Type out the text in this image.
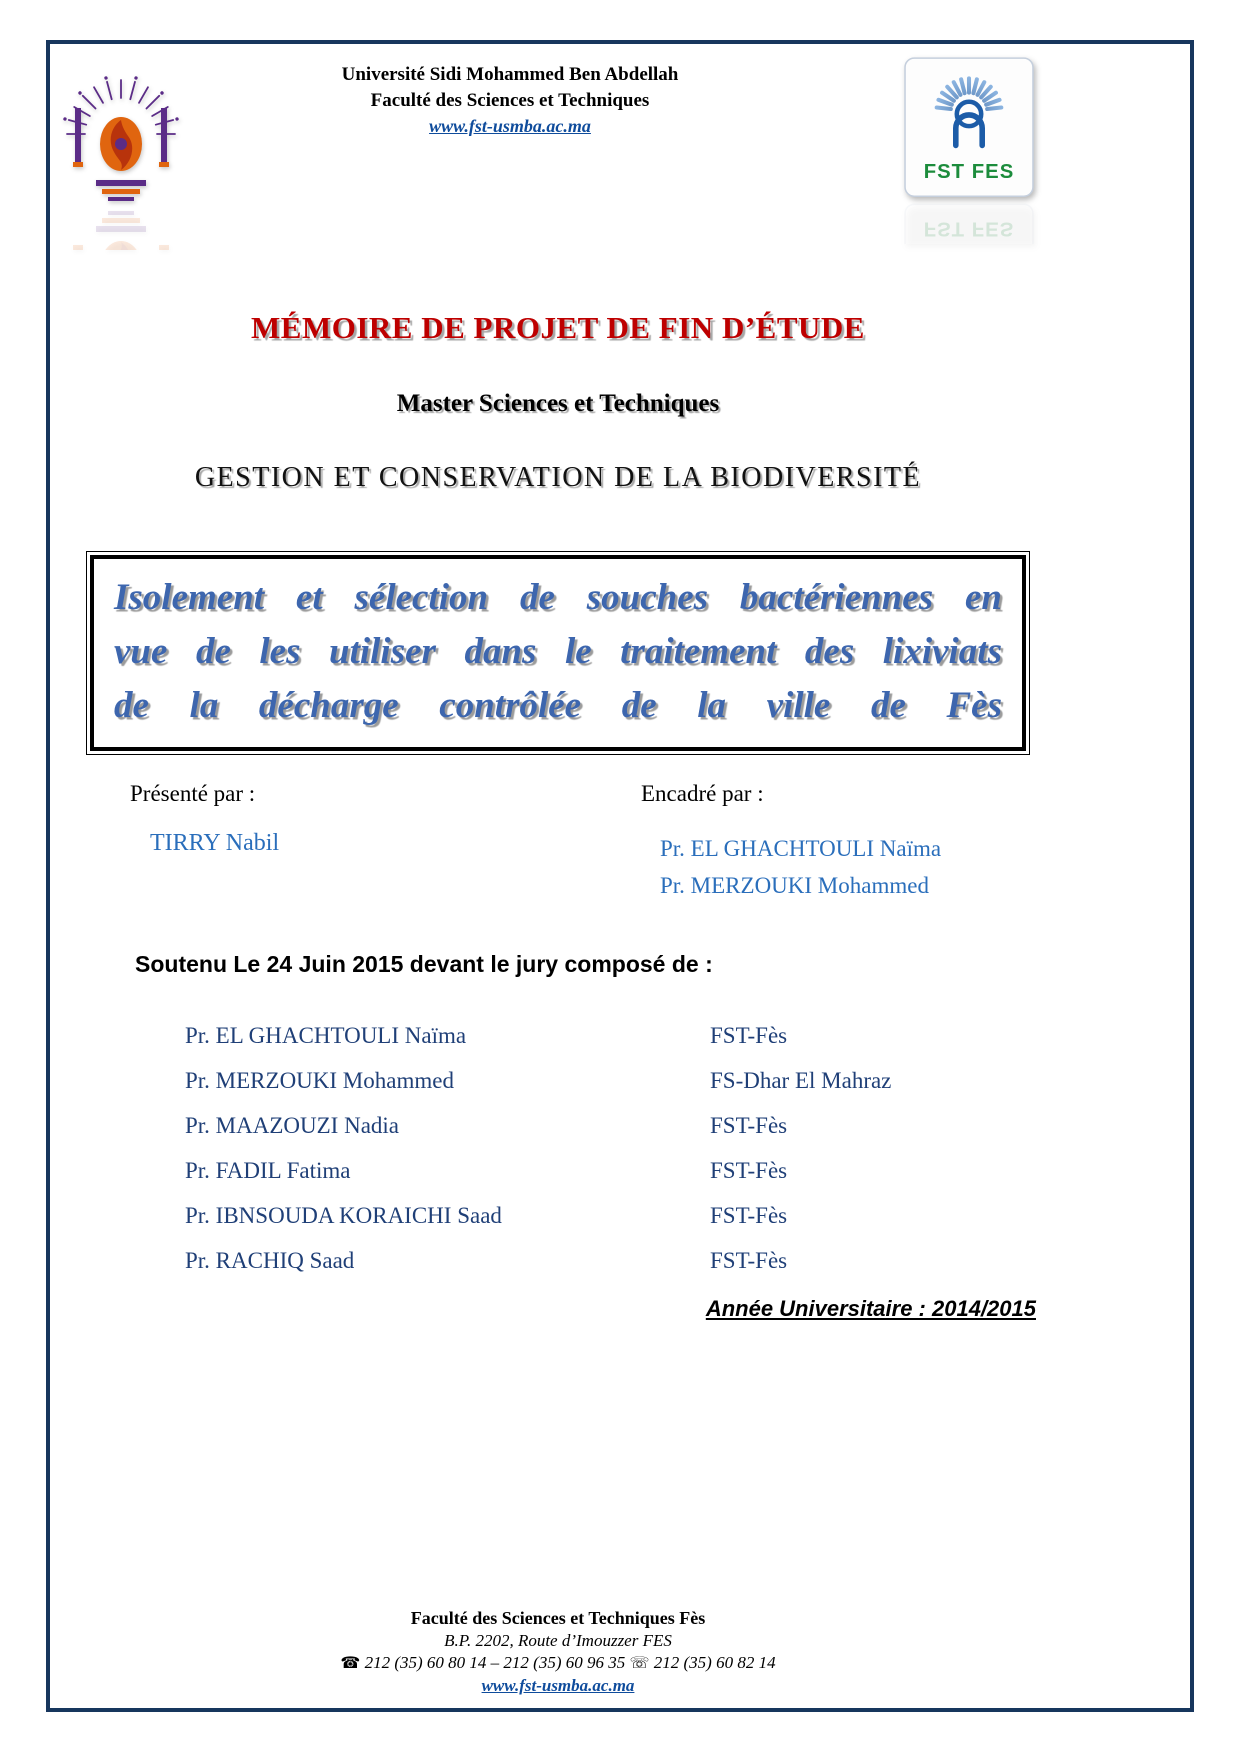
Université Sidi Mohammed Ben Abdellah
Faculté des Sciences et Techniques
www.fst-usmba.ac.ma
FST FES
MÉMOIRE DE PROJET DE FIN D’ÉTUDE
Master Sciences et Techniques
GESTION ET CONSERVATION DE LA BIODIVERSITÉ
Isolement et sélection de souches bactériennes en
vue de les utiliser dans le traitement des lixiviats
de la décharge contrôlée de la ville de Fès
Présenté par :	Encadré par :
TIRRY Nabil	Pr. EL GHACHTOULI Naïma
Pr. MERZOUKI Mohammed
Soutenu Le 24 Juin 2015 devant le jury composé de :
Pr. EL GHACHTOULI Naïma	FST-Fès
Pr. MERZOUKI Mohammed	FS-Dhar El Mahraz
Pr. MAAZOUZI Nadia	FST-Fès
Pr. FADIL Fatima	FST-Fès
Pr. IBNSOUDA KORAICHI Saad	FST-Fès
Pr. RACHIQ Saad	FST-Fès
Année Universitaire : 2014/2015
Faculté des Sciences et Techniques Fès
B.P. 2202, Route d’Imouzzer FES
☎ 212 (35) 60 80 14 – 212 (35) 60 96 35 ☏ 212 (35) 60 82 14
www.fst-usmba.ac.ma
